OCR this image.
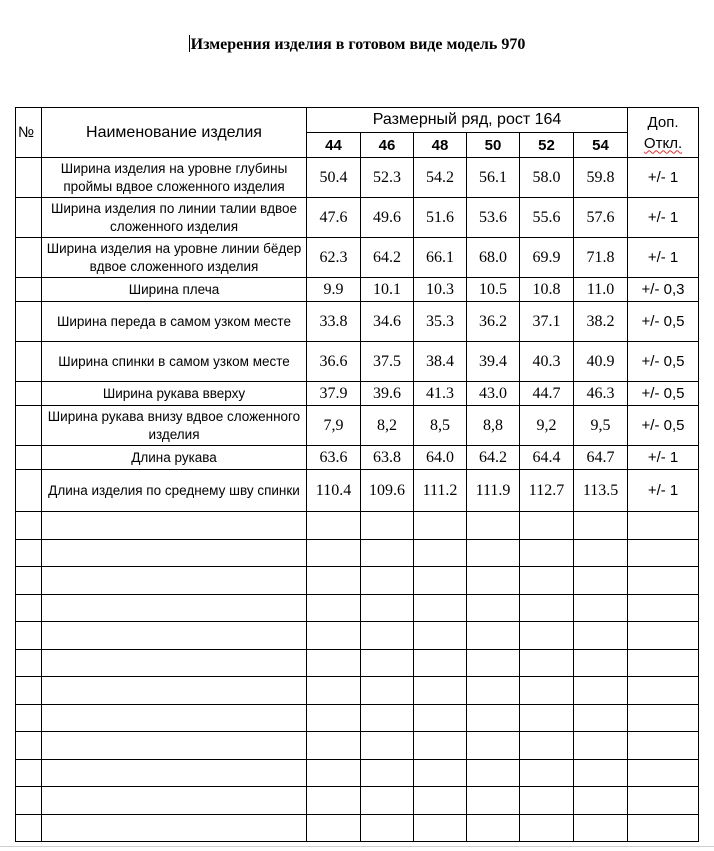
Измерения изделия в готовом виде модель 970
№	Наименование изделия	Размерный ряд, рост 164						Доп.
Откл.
		44	46	48	50	52	54	
	Ширина изделия на уровне глубины проймы вдвое сложенного изделия	50.4	52.3	54.2	56.1	58.0	59.8	+/- 1
	Ширина изделия по линии талии вдвое сложенного изделия	47.6	49.6	51.6	53.6	55.6	57.6	+/- 1
	Ширина изделия на уровне линии бёдер вдвое сложенного изделия	62.3	64.2	66.1	68.0	69.9	71.8	+/- 1
	Ширина плеча	9.9	10.1	10.3	10.5	10.8	11.0	+/- 0,3
	Ширина переда в самом узком месте	33.8	34.6	35.3	36.2	37.1	38.2	+/- 0,5
	Ширина спинки в самом узком месте	36.6	37.5	38.4	39.4	40.3	40.9	+/- 0,5
	Ширина рукава вверху	37.9	39.6	41.3	43.0	44.7	46.3	+/- 0,5
	Ширина рукава внизу вдвое сложенного изделия	7,9	8,2	8,5	8,8	9,2	9,5	+/- 0,5
	Длина рукава	63.6	63.8	64.0	64.2	64.4	64.7	+/- 1
	Длина изделия по среднему шву спинки	110.4	109.6	111.2	111.9	112.7	113.5	+/- 1
